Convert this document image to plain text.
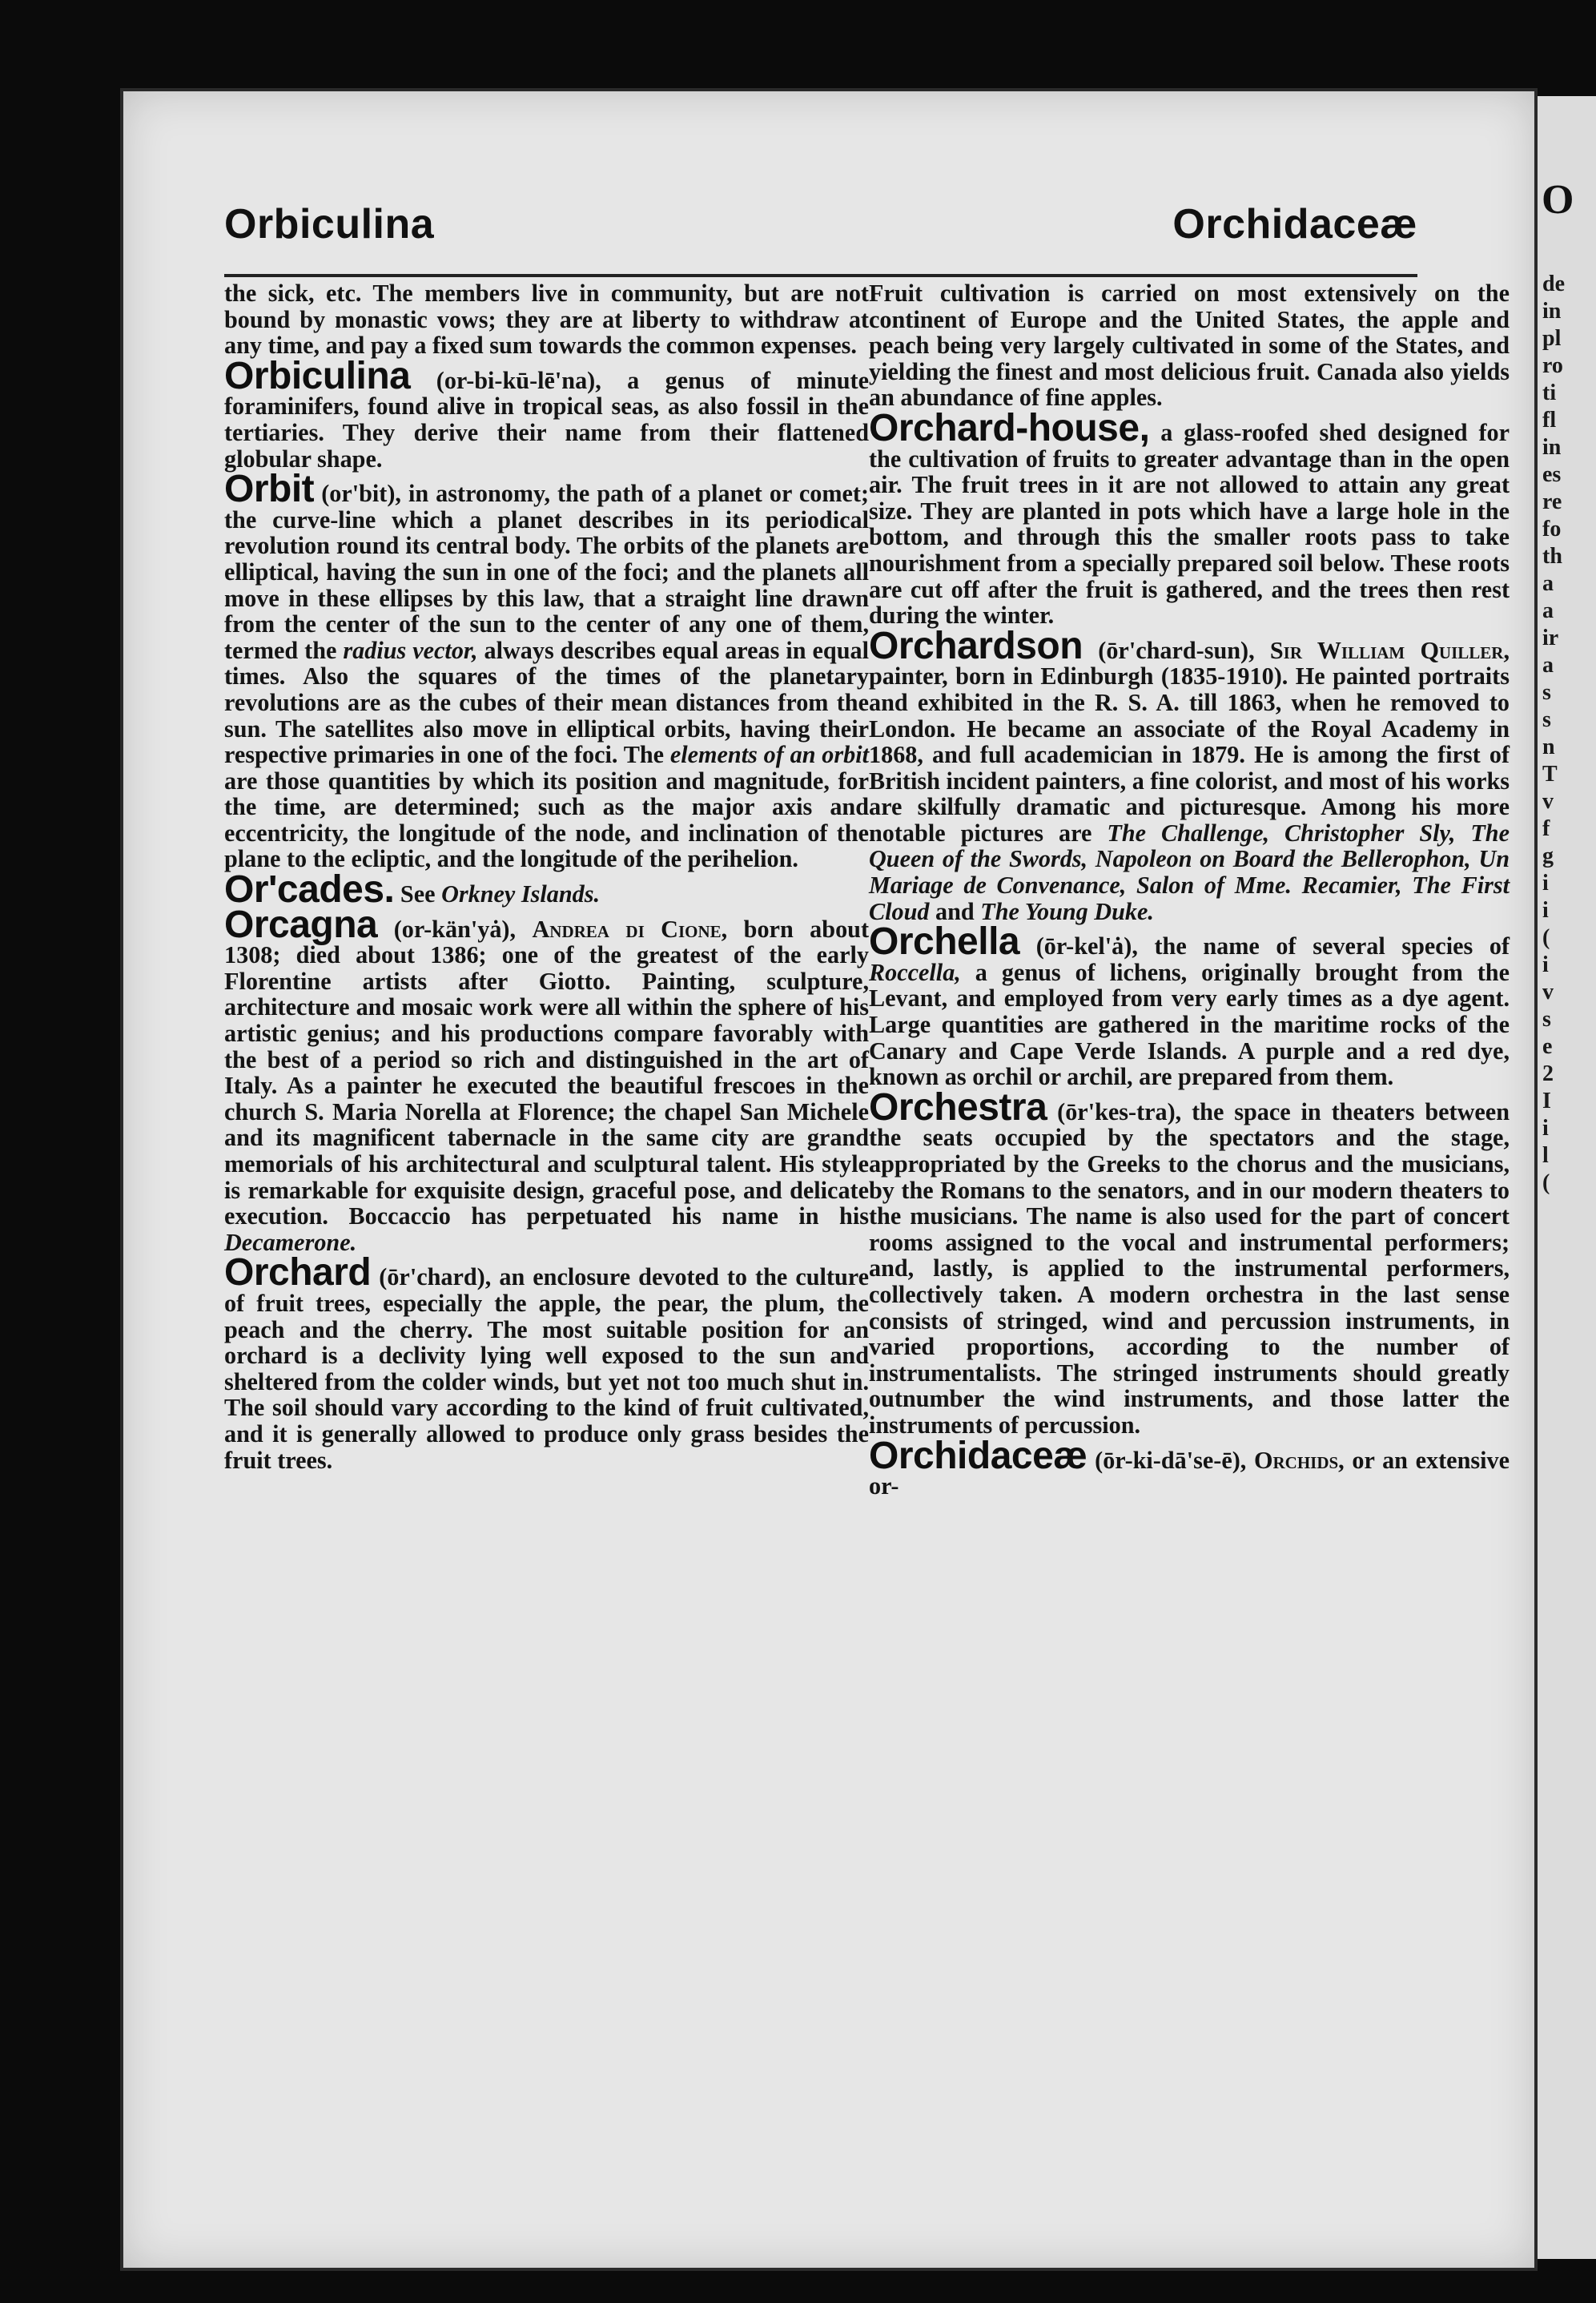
Orbiculina	Orchidaceæ

the sick, etc. The members live in community, but are not bound by monastic vows; they are at liberty to withdraw at any time, and pay a fixed sum towards the common expenses.

Orbiculina (or-bi-kū-lē'na), a genus of minute foraminifers, found alive in tropical seas, as also fossil in the tertiaries. They derive their name from their flattened globular shape.

Orbit (or'bit), in astronomy, the path of a planet or comet; the curve-line which a planet describes in its periodical revolution round its central body. The orbits of the planets are elliptical, having the sun in one of the foci; and the planets all move in these ellipses by this law, that a straight line drawn from the center of the sun to the center of any one of them, termed the radius vector, always describes equal areas in equal times. Also the squares of the times of the planetary revolutions are as the cubes of their mean distances from the sun. The satellites also move in elliptical orbits, having their respective primaries in one of the foci. The elements of an orbit are those quantities by which its position and magnitude, for the time, are determined; such as the major axis and eccentricity, the longitude of the node, and inclination of the plane to the ecliptic, and the longitude of the perihelion.

Or'cades. See Orkney Islands.

Orcagna (or-kän'yȧ), Andrea di Cione, born about 1308; died about 1386; one of the greatest of the early Florentine artists after Giotto. Painting, sculpture, architecture and mosaic work were all within the sphere of his artistic genius; and his productions compare favorably with the best of a period so rich and distinguished in the art of Italy. As a painter he executed the beautiful frescoes in the church S. Maria Norella at Florence; the chapel San Michele and its magnificent tabernacle in the same city are grand memorials of his architectural and sculptural talent. His style is remarkable for exquisite design, graceful pose, and delicate execution. Boccaccio has perpetuated his name in his Decamerone.

Orchard (ōr'chard), an enclosure devoted to the culture of fruit trees, especially the apple, the pear, the plum, the peach and the cherry. The most suitable position for an orchard is a declivity lying well exposed to the sun and sheltered from the colder winds, but yet not too much shut in. The soil should vary according to the kind of fruit cultivated, and it is generally allowed to produce only grass besides the fruit trees.

Fruit cultivation is carried on most extensively on the continent of Europe and the United States, the apple and peach being very largely cultivated in some of the States, and yielding the finest and most delicious fruit. Canada also yields an abundance of fine apples.

Orchard-house, a glass-roofed shed designed for the cultivation of fruits to greater advantage than in the open air. The fruit trees in it are not allowed to attain any great size. They are planted in pots which have a large hole in the bottom, and through this the smaller roots pass to take nourishment from a specially prepared soil below. These roots are cut off after the fruit is gathered, and the trees then rest during the winter.

Orchardson (ōr'chard-sun), Sir William Quiller, painter, born in Edinburgh (1835-1910). He painted portraits and exhibited in the R. S. A. till 1863, when he removed to London. He became an associate of the Royal Academy in 1868, and full academician in 1879. He is among the first of British incident painters, a fine colorist, and most of his works are skilfully dramatic and picturesque. Among his more notable pictures are The Challenge, Christopher Sly, The Queen of the Swords, Napoleon on Board the Bellerophon, Un Mariage de Convenance, Salon of Mme. Recamier, The First Cloud and The Young Duke.

Orchella (ōr-kel'ȧ), the name of several species of Roccella, a genus of lichens, originally brought from the Levant, and employed from very early times as a dye agent. Large quantities are gathered in the maritime rocks of the Canary and Cape Verde Islands. A purple and a red dye, known as orchil or archil, are prepared from them.

Orchestra (ōr'kes-tra), the space in theaters between the seats occupied by the spectators and the stage, appropriated by the Greeks to the chorus and the musicians, by the Romans to the senators, and in our modern theaters to the musicians. The name is also used for the part of concert rooms assigned to the vocal and instrumental performers; and, lastly, is applied to the instrumental performers, collectively taken. A modern orchestra in the last sense consists of stringed, wind and percussion instruments, in varied proportions, according to the number of instrumentalists. The stringed instruments should greatly outnumber the wind instruments, and those latter the instruments of percussion.

Orchidaceæ (ōr-ki-dā'se-ē), Orchids, or an extensive or-

O
de
in
pl
ro
ti
fl
in
es
re
fo
th
a
a
ir
a
s
s
n
T
v
f
g
i
i
(
i
v
s
e
2
I
i
l
(
